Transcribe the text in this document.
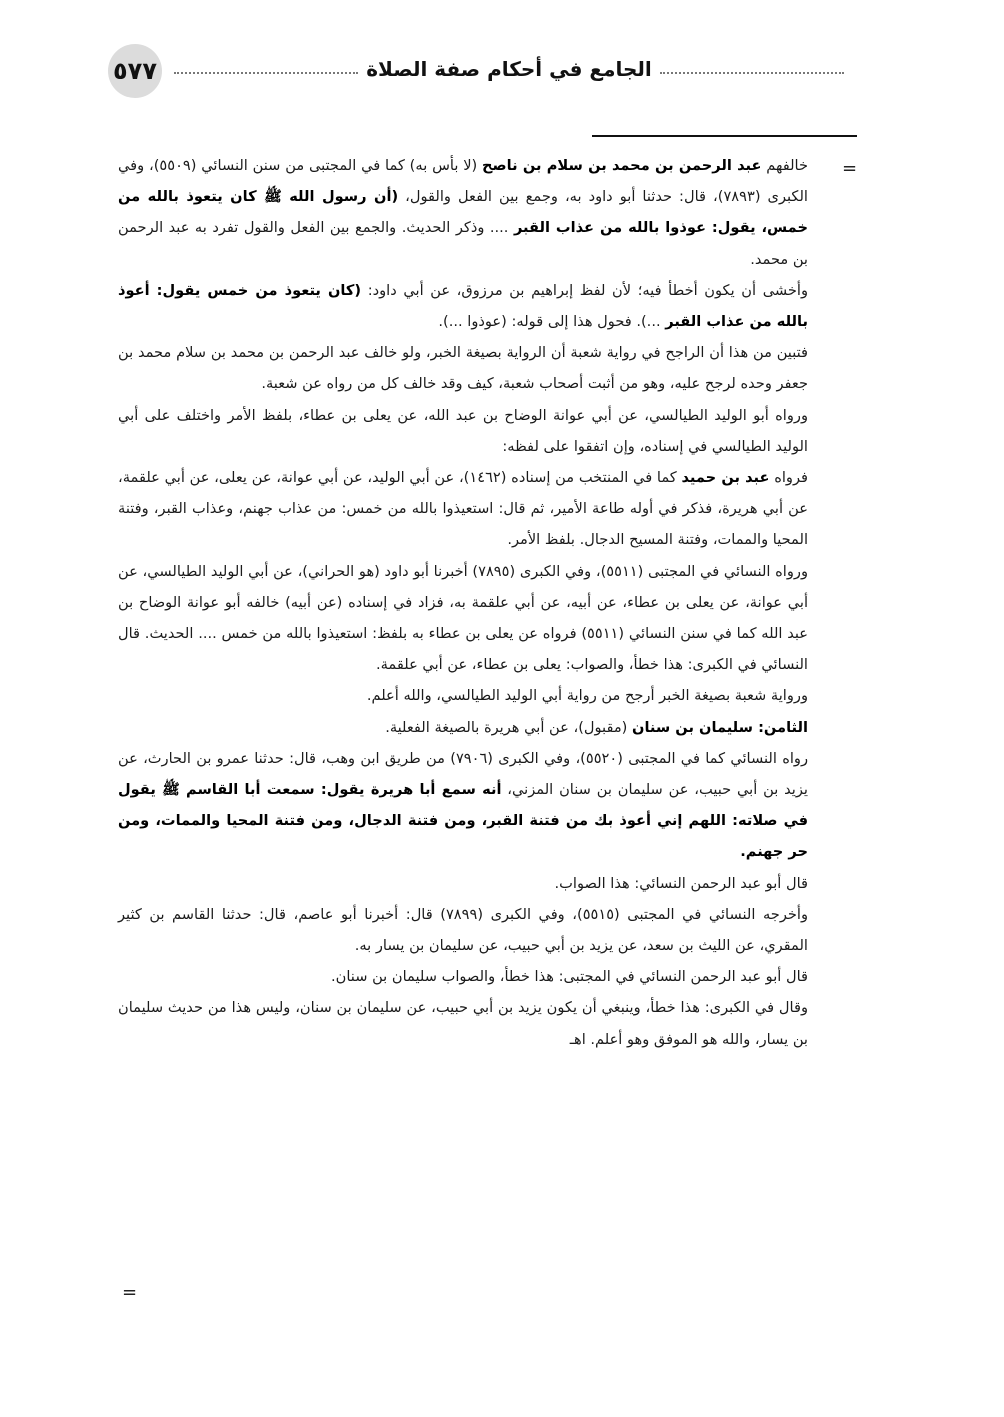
٥٧٧	الجامع في أحكام صفة الصلاة
=
=

خالفهم عبد الرحمن بن محمد بن سلام بن ناصح (لا بأس به) كما في المجتبى من سنن النسائي (٥٥٠٩)، وفي الكبرى (٧٨٩٣)، قال: حدثنا أبو داود به، وجمع بين الفعل والقول، (أن رسول الله ﷺ كان يتعوذ بالله من خمس، يقول: عوذوا بالله من عذاب القبر .... وذكر الحديث. والجمع بين الفعل والقول تفرد به عبد الرحمن بن محمد.

وأخشى أن يكون أخطأ فيه؛ لأن لفظ إبراهيم بن مرزوق، عن أبي داود: (كان يتعوذ من خمس يقول: أعوذ بالله من عذاب القبر ...). فحول هذا إلى قوله: (عوذوا ...).

فتبين من هذا أن الراجح في رواية شعبة أن الرواية بصيغة الخبر، ولو خالف عبد الرحمن بن محمد بن سلام محمد بن جعفر وحده لرجح عليه، وهو من أثبت أصحاب شعبة، كيف وقد خالف كل من رواه عن شعبة.

ورواه أبو الوليد الطيالسي، عن أبي عوانة الوضاح بن عبد الله، عن يعلى بن عطاء، بلفظ الأمر واختلف على أبي الوليد الطيالسي في إسناده، وإن اتفقوا على لفظه:

فرواه عبد بن حميد كما في المنتخب من إسناده (١٤٦٢)، عن أبي الوليد، عن أبي عوانة، عن يعلى، عن أبي علقمة، عن أبي هريرة، فذكر في أوله طاعة الأمير، ثم قال: استعيذوا بالله من خمس: من عذاب جهنم، وعذاب القبر، وفتنة المحيا والممات، وفتنة المسيح الدجال. بلفظ الأمر.

ورواه النسائي في المجتبى (٥٥١١)، وفي الكبرى (٧٨٩٥) أخبرنا أبو داود (هو الحراني)، عن أبي الوليد الطيالسي، عن أبي عوانة، عن يعلى بن عطاء، عن أبيه، عن أبي علقمة به، فزاد في إسناده (عن أبيه) خالفه أبو عوانة الوضاح بن عبد الله كما في سنن النسائي (٥٥١١) فرواه عن يعلى بن عطاء به بلفظ: استعيذوا بالله من خمس .... الحديث. قال النسائي في الكبرى: هذا خطأ، والصواب: يعلى بن عطاء، عن أبي علقمة.

ورواية شعبة بصيغة الخبر أرجح من رواية أبي الوليد الطيالسي، والله أعلم.

الثامن: سليمان بن سنان (مقبول)، عن أبي هريرة بالصيغة الفعلية.

رواه النسائي كما في المجتبى (٥٥٢٠)، وفي الكبرى (٧٩٠٦) من طريق ابن وهب، قال: حدثنا عمرو بن الحارث، عن يزيد بن أبي حبيب، عن سليمان بن سنان المزني، أنه سمع أبا هريرة يقول: سمعت أبا القاسم ﷺ يقول في صلاته: اللهم إني أعوذ بك من فتنة القبر، ومن فتنة الدجال، ومن فتنة المحيا والممات، ومن حر جهنم.

قال أبو عبد الرحمن النسائي: هذا الصواب.

وأخرجه النسائي في المجتبى (٥٥١٥)، وفي الكبرى (٧٨٩٩) قال: أخبرنا أبو عاصم، قال: حدثنا القاسم بن كثير المقري، عن الليث بن سعد، عن يزيد بن أبي حبيب، عن سليمان بن يسار به.

قال أبو عبد الرحمن النسائي في المجتبى: هذا خطأ، والصواب سليمان بن سنان.

وقال في الكبرى: هذا خطأ، وينبغي أن يكون يزيد بن أبي حبيب، عن سليمان بن سنان، وليس هذا من حديث سليمان بن يسار، والله هو الموفق وهو أعلم. اهـ
